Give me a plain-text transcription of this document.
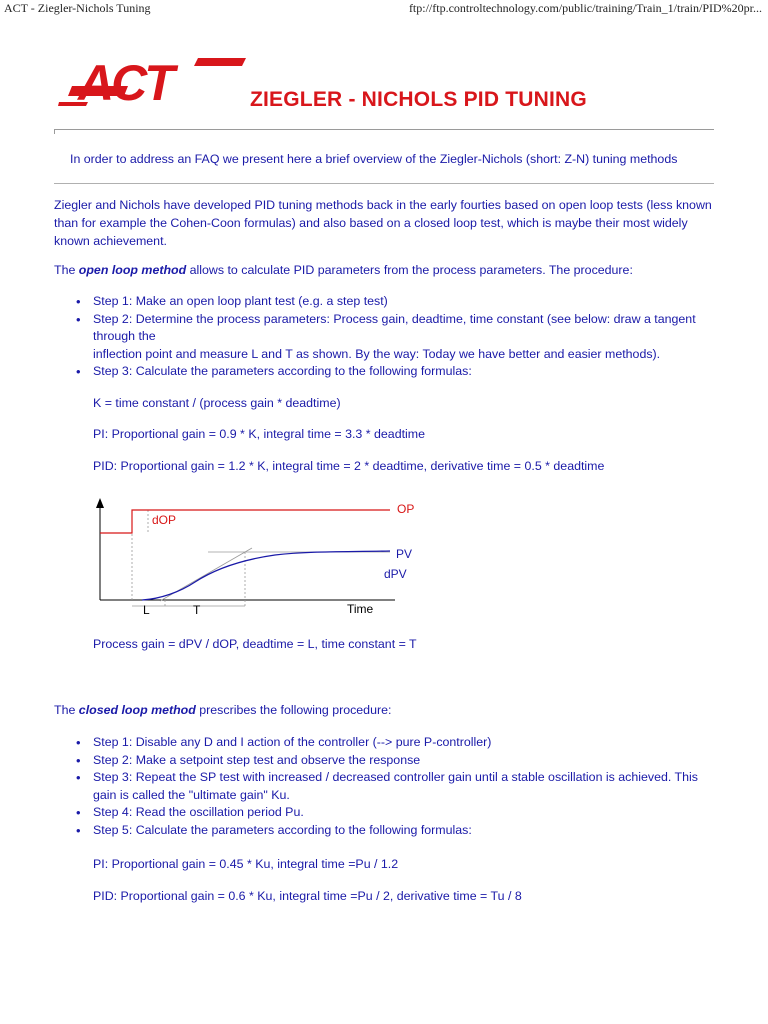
ACT - Ziegler-Nichols Tuning	ftp://ftp.controltechnology.com/public/training/Train_1/train/PID%20pr...
ACT	ZIEGLER - NICHOLS PID TUNING

In order to address an FAQ we present here a brief overview of the Ziegler-Nichols (short: Z-N) tuning methods

Ziegler and Nichols have developed PID tuning methods back in the early fourties based on open loop tests (less known than for example the Cohen-Coon formulas) and also based on a closed loop test, which is maybe their most widely known achievement.

The open loop method allows to calculate PID parameters from the process parameters. The procedure:

• Step 1: Make an open loop plant test (e.g. a step test)
• Step 2: Determine the process parameters: Process gain, deadtime, time constant (see below: draw a tangent through the
inflection point and measure L and T as shown. By the way: Today we have better and easier methods).
• Step 3: Calculate the parameters according to the following formulas:

K = time constant / (process gain * deadtime)

PI: Proportional gain = 0.9 * K, integral time = 3.3 * deadtime

PID: Proportional gain = 1.2 * K, integral time = 2 * deadtime, derivative time = 0.5 * deadtime

OP
dOP
PV
dPV
L	T	Time

Process gain = dPV / dOP, deadtime = L, time constant = T

The closed loop method prescribes the following procedure:

• Step 1: Disable any D and I action of the controller (--> pure P-controller)
• Step 2: Make a setpoint step test and observe the response
• Step 3: Repeat the SP test with increased / decreased controller gain until a stable oscillation is achieved. This gain is called the "ultimate gain" Ku.
• Step 4: Read the oscillation period Pu.
• Step 5: Calculate the parameters according to the following formulas:

PI: Proportional gain = 0.45 * Ku, integral time =Pu / 1.2

PID: Proportional gain = 0.6 * Ku, integral time =Pu / 2, derivative time = Tu / 8
